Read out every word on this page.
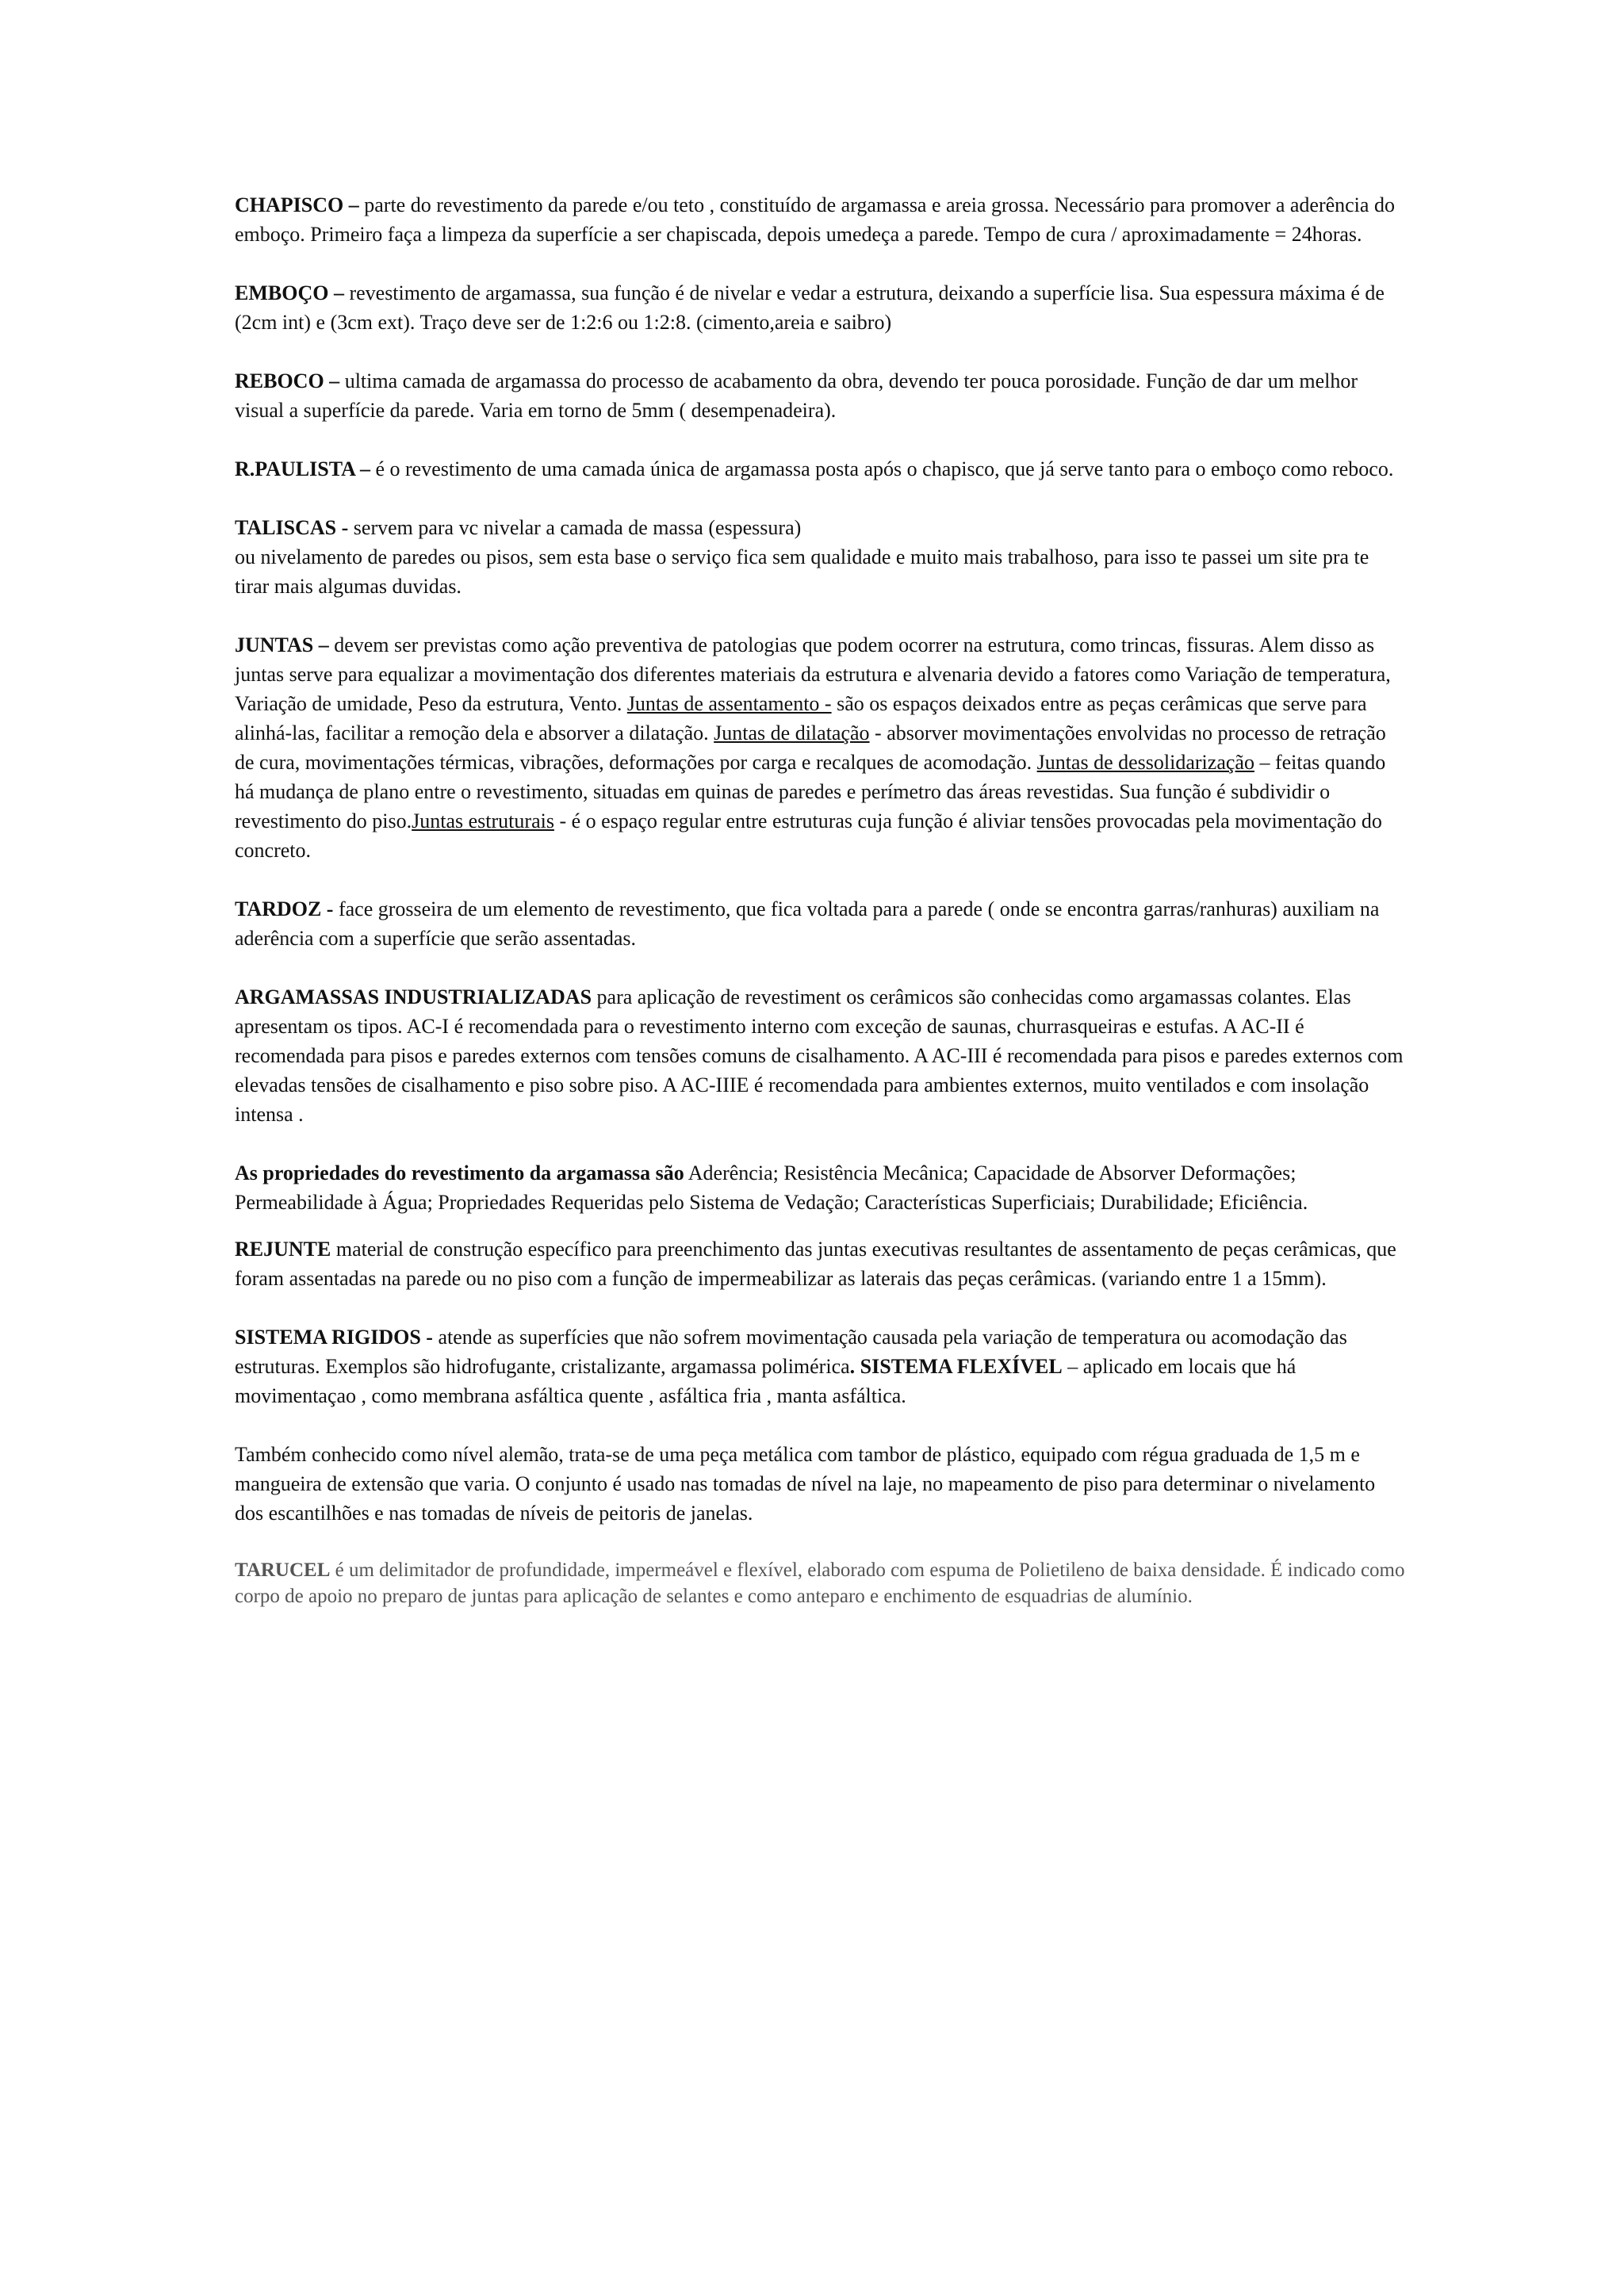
CHAPISCO – parte do revestimento da parede e/ou teto , constituído de argamassa e areia grossa. Necessário para promover a aderência do emboço. Primeiro faça a limpeza da superfície a ser chapiscada, depois umedeça a parede. Tempo de cura / aproximadamente = 24horas.

EMBOÇO – revestimento de argamassa, sua função é de nivelar e vedar a estrutura, deixando a superfície lisa. Sua espessura máxima é de (2cm int) e (3cm ext). Traço deve ser de 1:2:6 ou 1:2:8. (cimento,areia e saibro)

REBOCO – ultima camada de argamassa do processo de acabamento da obra, devendo ter pouca porosidade. Função de dar um melhor visual a superfície da parede. Varia em torno de 5mm ( desempenadeira).

R.PAULISTA – é o revestimento de uma camada única de argamassa posta após o chapisco, que já serve tanto para o emboço como reboco.

TALISCAS - servem para vc nivelar a camada de massa (espessura)
ou nivelamento de paredes ou pisos, sem esta base o serviço fica sem qualidade e muito mais trabalhoso, para isso te passei um site pra te tirar mais algumas duvidas.

JUNTAS – devem ser previstas como ação preventiva de patologias que podem ocorrer na estrutura, como trincas, fissuras. Alem disso as juntas serve para equalizar a movimentação dos diferentes materiais da estrutura e alvenaria devido a fatores como Variação de temperatura, Variação de umidade, Peso da estrutura, Vento. Juntas de assentamento - são os espaços deixados entre as peças cerâmicas que serve para alinhá-las, facilitar a remoção dela e absorver a dilatação. Juntas de dilatação - absorver movimentações envolvidas no processo de retração de cura, movimentações térmicas, vibrações, deformações por carga e recalques de acomodação. Juntas de dessolidarização – feitas quando há mudança de plano entre o revestimento, situadas em quinas de paredes e perímetro das áreas revestidas. Sua função é subdividir o revestimento do piso.Juntas estruturais - é o espaço regular entre estruturas cuja função é aliviar tensões provocadas pela movimentação do concreto.

TARDOZ - face grosseira de um elemento de revestimento, que fica voltada para a parede ( onde se encontra garras/ranhuras) auxiliam na aderência com a superfície que serão assentadas.

ARGAMASSAS INDUSTRIALIZADAS para aplicação de revestiment os cerâmicos são conhecidas como argamassas colantes. Elas apresentam os tipos. AC-I é recomendada para o revestimento interno com exceção de saunas, churrasqueiras e estufas. A AC-II é recomendada para pisos e paredes externos com tensões comuns de cisalhamento. A AC-III é recomendada para pisos e paredes externos com elevadas tensões de cisalhamento e piso sobre piso. A AC-IIIE é recomendada para ambientes externos, muito ventilados e com insolação intensa .

As propriedades do revestimento da argamassa são Aderência; Resistência Mecânica; Capacidade de Absorver Deformações; Permeabilidade à Água; Propriedades Requeridas pelo Sistema de Vedação; Características Superficiais; Durabilidade; Eficiência.

REJUNTE material de construção específico para preenchimento das juntas executivas resultantes de assentamento de peças cerâmicas, que foram assentadas na parede ou no piso com a função de impermeabilizar as laterais das peças cerâmicas. (variando entre 1 a 15mm).

SISTEMA RIGIDOS - atende as superfícies que não sofrem movimentação causada pela variação de temperatura ou acomodação das estruturas. Exemplos são hidrofugante, cristalizante, argamassa polimérica. SISTEMA FLEXÍVEL – aplicado em locais que há movimentaçao , como membrana asfáltica quente , asfáltica fria , manta asfáltica.

Também conhecido como nível alemão, trata-se de uma peça metálica com tambor de plástico, equipado com régua graduada de 1,5 m e mangueira de extensão que varia. O conjunto é usado nas tomadas de nível na laje, no mapeamento de piso para determinar o nivelamento dos escantilhões e nas tomadas de níveis de peitoris de janelas.

TARUCEL é um delimitador de profundidade, impermeável e flexível, elaborado com espuma de Polietileno de baixa densidade. É indicado como corpo de apoio no preparo de juntas para aplicação de selantes e como anteparo e enchimento de esquadrias de alumínio.
